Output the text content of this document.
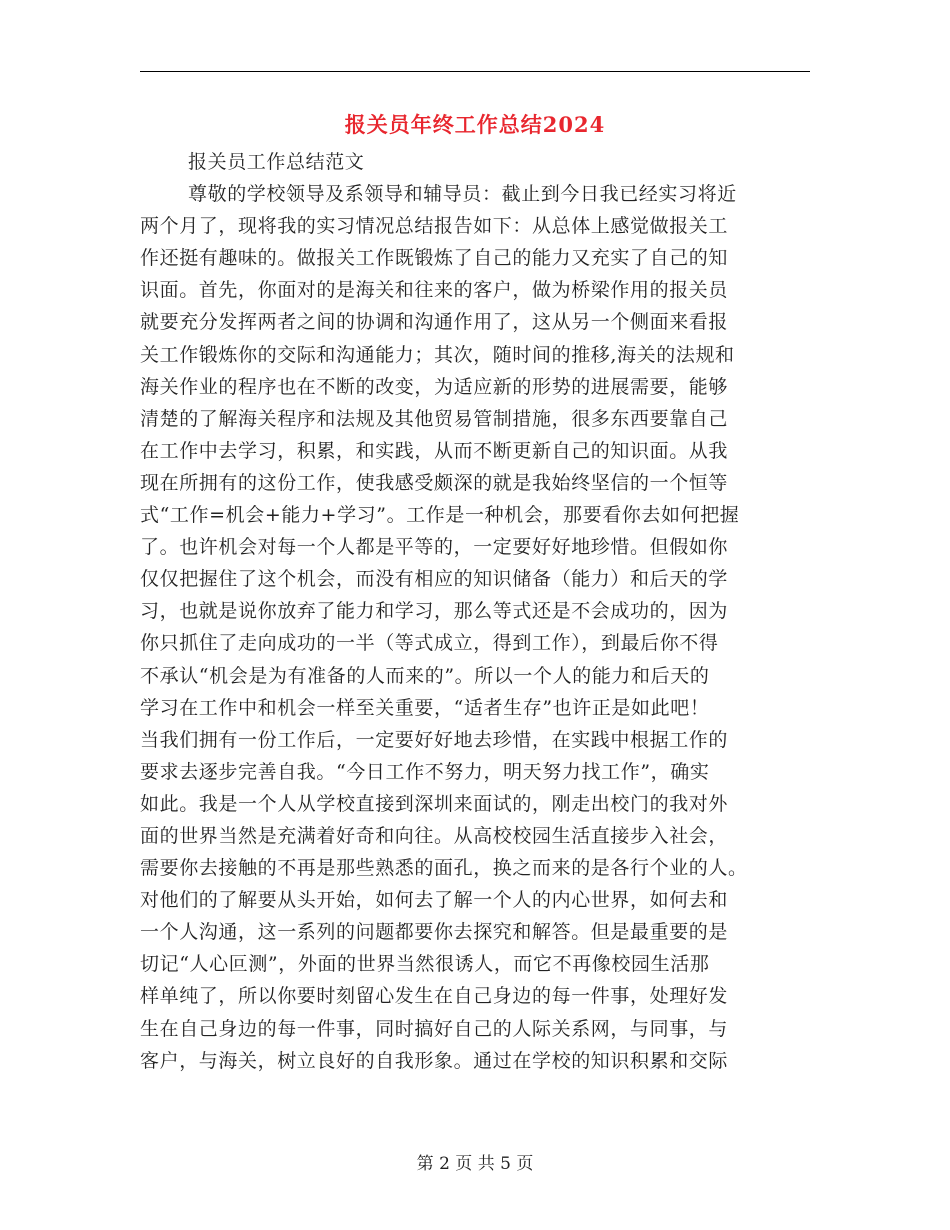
报关员年终工作总结2024
报关员工作总结范文
尊敬的学校领导及系领导和辅导员：截止到今日我已经实习将近
两个月了，现将我的实习情况总结报告如下：从总体上感觉做报关工
作还挺有趣味的。做报关工作既锻炼了自己的能力又充实了自己的知
识面。首先，你面对的是海关和往来的客户，做为桥梁作用的报关员
就要充分发挥两者之间的协调和沟通作用了，这从另一个侧面来看报
关工作锻炼你的交际和沟通能力；其次，随时间的推移,海关的法规和
海关作业的程序也在不断的改变，为适应新的形势的进展需要，能够
清楚的了解海关程序和法规及其他贸易管制措施，很多东西要靠自己
在工作中去学习，积累，和实践，从而不断更新自己的知识面。从我
现在所拥有的这份工作，使我感受颇深的就是我始终坚信的一个恒等
式“工作=机会+能力+学习”。工作是一种机会，那要看你去如何把握
了。也许机会对每一个人都是平等的，一定要好好地珍惜。但假如你
仅仅把握住了这个机会，而没有相应的知识储备（能力）和后天的学
习，也就是说你放弃了能力和学习，那么等式还是不会成功的，因为
你只抓住了走向成功的一半（等式成立，得到工作），到最后你不得
不承认“机会是为有准备的人而来的”。所以一个人的能力和后天的
学习在工作中和机会一样至关重要，“适者生存”也许正是如此吧！
当我们拥有一份工作后，一定要好好地去珍惜，在实践中根据工作的
要求去逐步完善自我。“今日工作不努力，明天努力找工作”，确实
如此。我是一个人从学校直接到深圳来面试的，刚走出校门的我对外
面的世界当然是充满着好奇和向往。从高校校园生活直接步入社会，
需要你去接触的不再是那些熟悉的面孔，换之而来的是各行个业的人。
对他们的了解要从头开始，如何去了解一个人的内心世界，如何去和
一个人沟通，这一系列的问题都要你去探究和解答。但是最重要的是
切记“人心叵测”，外面的世界当然很诱人，而它不再像校园生活那
样单纯了，所以你要时刻留心发生在自己身边的每一件事，处理好发
生在自己身边的每一件事，同时搞好自己的人际关系网，与同事，与
客户，与海关，树立良好的自我形象。通过在学校的知识积累和交际
第 2 页 共 5 页
